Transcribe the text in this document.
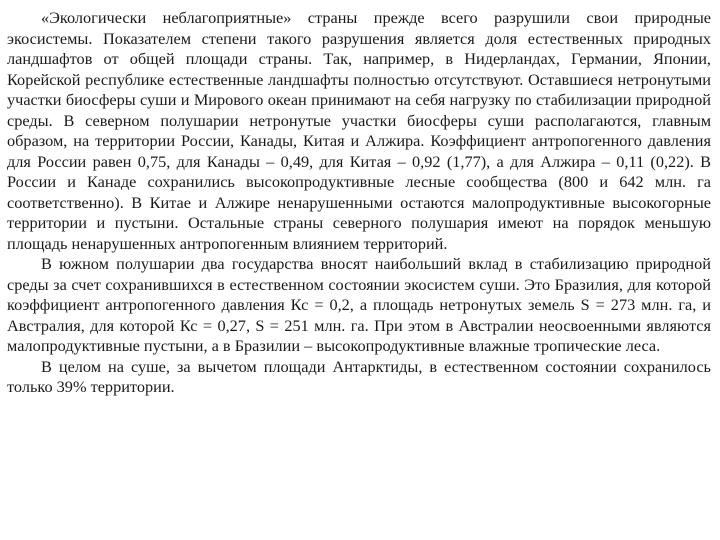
«Экологически неблагоприятные» страны прежде всего разрушили свои природные экосистемы. Показателем степени такого разрушения является доля естественных природных ландшафтов от общей площади страны. Так, например, в Нидерландах, Германии, Японии, Корейской республике естественные ландшафты полностью отсутствуют. Оставшиеся нетронутыми участки биосферы суши и Мирового океан принимают на себя нагрузку по стабилизации природной среды. В северном полушарии нетронутые участки биосферы суши располагаются, главным образом, на территории России, Канады, Китая и Алжира. Коэффициент антропогенного давления для России равен 0,75, для Канады – 0,49, для Китая – 0,92 (1,77), а для Алжира – 0,11 (0,22). В России и Канаде сохранились высокопродуктивные лесные сообщества (800 и 642 млн. га соответственно). В Китае и Алжире ненарушенными остаются малопродуктивные высокогорные территории и пустыни. Остальные страны северного полушария имеют на порядок меньшую площадь ненарушенных антропогенным влиянием территорий.

В южном полушарии два государства вносят наибольший вклад в стабилизацию природной среды за счет сохранившихся в естественном состоянии экосистем суши. Это Бразилия, для которой коэффициент антропогенного давления Кс = 0,2, а площадь нетронутых земель S = 273 млн. га, и Австралия, для которой Кс = 0,27, S = 251 млн. га. При этом в Австралии неосвоенными являются малопродуктивные пустыни, а в Бразилии – высокопродуктивные влажные тропические леса.

В целом на суше, за вычетом площади Антарктиды, в естественном состоянии сохранилось только 39% территории.
